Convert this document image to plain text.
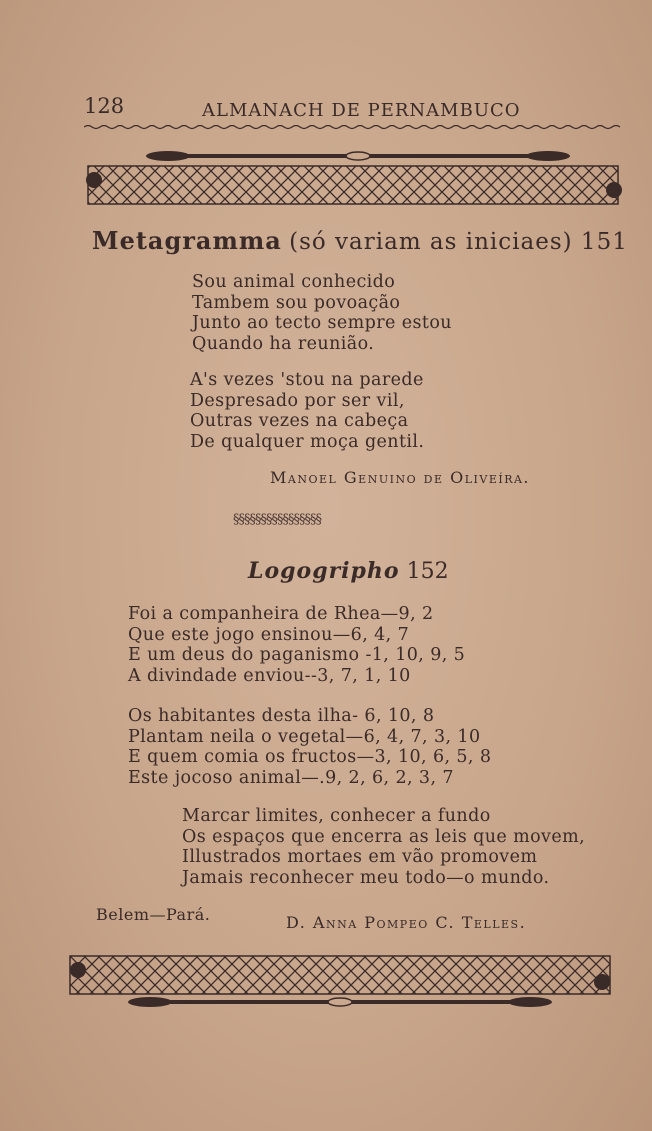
128	ALMANACH DE PERNAMBUCO
Metagramma (só variam as iniciaes) 151
Sou animal conhecido
Tambem sou povoação
Junto ao tecto sempre estou
Quando ha reunião.
A's vezes 'stou na parede
Despresado por ser vil,
Outras vezes na cabeça
De qualquer moça gentil.
Manoel Genuino de Oliveíra.
§§§§§§§§§§§§§§§§
Logogripho 152
Foi a companheira de Rhea—9, 2
Que este jogo ensinou—6, 4, 7
E um deus do paganismo -1, 10, 9, 5
A divindade enviou--3, 7, 1, 10
Os habitantes desta ilha- 6, 10, 8
Plantam neila o vegetal—6, 4, 7, 3, 10
E quem comia os fructos—3, 10, 6, 5, 8
Este jocoso animal—.9, 2, 6, 2, 3, 7
Marcar limites, conhecer a fundo
Os espaços que encerra as leis que movem,
Illustrados mortaes em vão promovem
Jamais reconhecer meu todo—o mundo.
Belem—Pará.	D. Anna Pompeo C. Telles.
